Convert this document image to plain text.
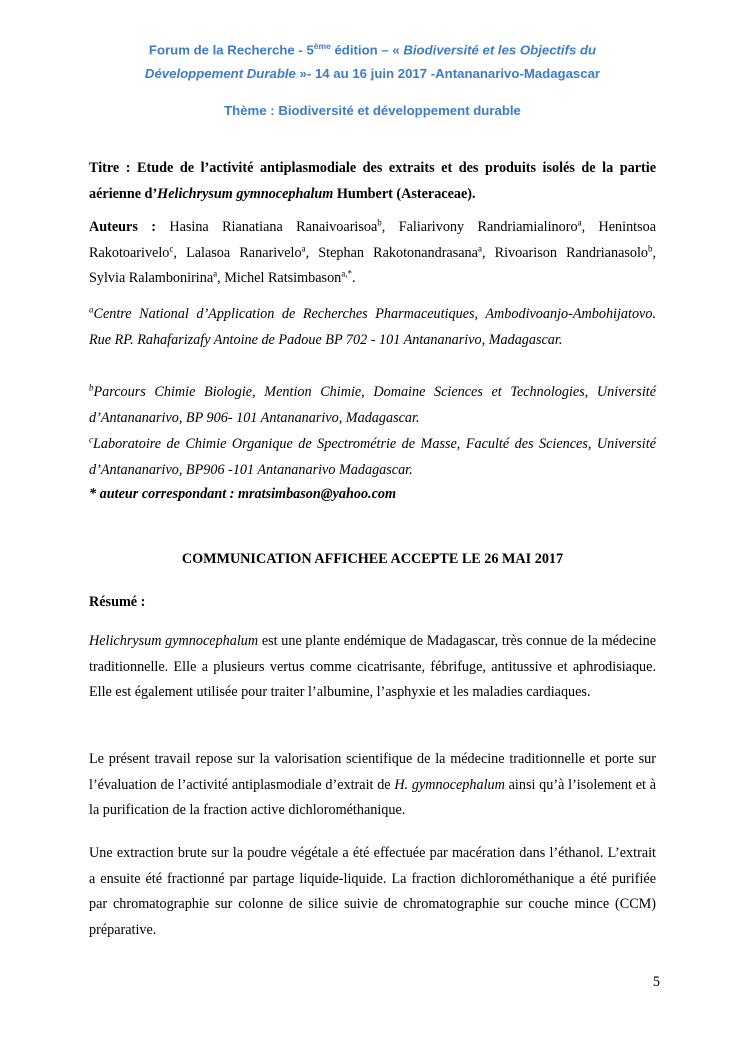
Forum de la Recherche - 5ème édition – « Biodiversité et les Objectifs du
Développement Durable »- 14 au 16 juin 2017 -Antananarivo-Madagascar
Thème : Biodiversité et développement durable
Titre : Etude de l’activité antiplasmodiale des extraits et des produits isolés de la partie aérienne d’Helichrysum gymnocephalum Humbert (Asteraceae).
Auteurs : Hasina Rianatiana Ranaivoarisoa$^b$, Faliarivony Randriamialinoro$^a$, Henintsoa Rakotoarivelo$^c$, Lalasoa Ranarivelo$^a$, Stephan Rakotonandrasana$^a$, Rivoarison Randrianasolo$^b$, Sylvia Ralambonirina$^a$, Michel Ratsimbason$^{a,*}$.
$^a$Centre National d’Application de Recherches Pharmaceutiques, Ambodivoanjo-Ambohijatovo. Rue RP. Rahafarizafy Antoine de Padoue BP 702 - 101 Antananarivo, Madagascar.
$^b$Parcours Chimie Biologie, Mention Chimie, Domaine Sciences et Technologies, Université d’Antananarivo, BP 906- 101 Antananarivo, Madagascar.
$^c$Laboratoire de Chimie Organique de Spectrométrie de Masse, Faculté des Sciences, Université d’Antananarivo, BP906 -101 Antananarivo Madagascar.
* auteur correspondant : mratsimbason@yahoo.com
COMMUNICATION AFFICHEE ACCEPTE LE 26 MAI 2017
Résumé :
Helichrysum gymnocephalum est une plante endémique de Madagascar, très connue de la médecine traditionnelle. Elle a plusieurs vertus comme cicatrisante, fébrifuge, antitussive et aphrodisiaque. Elle est également utilisée pour traiter l’albumine, l’asphyxie et les maladies cardiaques.
Le présent travail repose sur la valorisation scientifique de la médecine traditionnelle et porte sur l’évaluation de l’activité antiplasmodiale d’extrait de H. gymnocephalum ainsi qu’à l’isolement et à la purification de la fraction active dichlorométhanique.
Une extraction brute sur la poudre végétale a été effectuée par macération dans l’éthanol. L’extrait a ensuite été fractionné par partage liquide-liquide. La fraction dichlorométhanique a été purifiée par chromatographie sur colonne de silice suivie de chromatographie sur couche mince (CCM) préparative.
5
